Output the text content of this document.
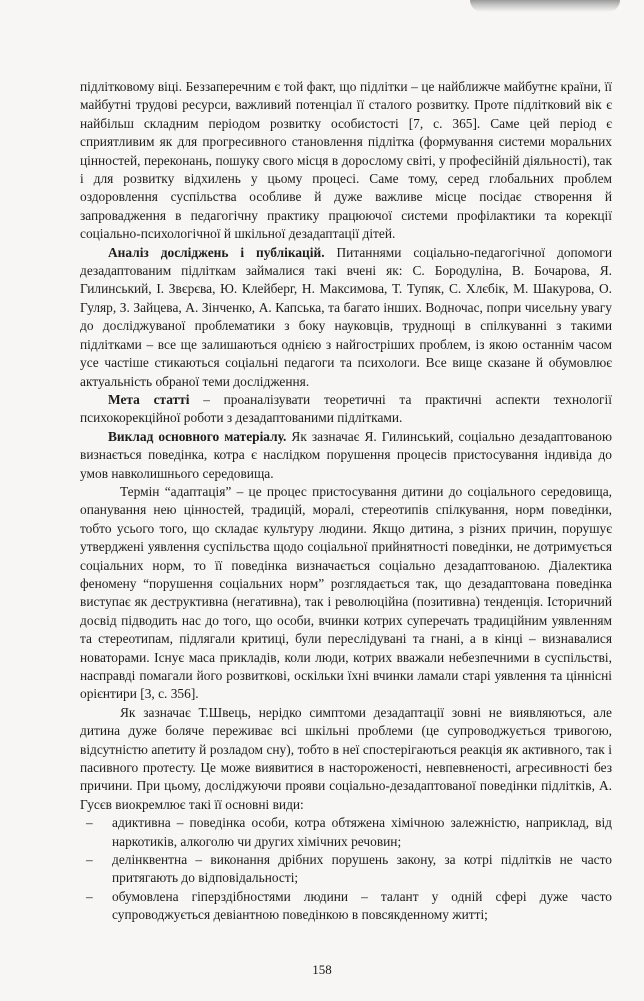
підлітковому віці. Беззаперечним є той факт, що підлітки – це найближче майбутнє країни, її майбутні трудові ресурси, важливий потенціал її сталого розвитку. Проте підлітковий вік є найбільш складним періодом розвитку особистості [7, с. 365]. Саме цей період є сприятливим як для прогресивного становлення підлітка (формування системи моральних цінностей, переконань, пошуку свого місця в дорослому світі, у професійній діяльності), так і для розвитку відхилень у цьому процесі. Саме тому, серед глобальних проблем оздоровлення суспільства особливе й дуже важливе місце посідає створення й запровадження в педагогічну практику працюючої системи профілактики та корекції соціально-психологічної й шкільної дезадаптації дітей.

Аналіз досліджень і публікацій. Питаннями соціально-педагогічної допомоги дезадаптованим підліткам займалися такі вчені як: С. Бородуліна, В. Бочарова, Я. Гилинський, І. Звєрєва, Ю. Клейберг, Н. Максимова, Т. Тупяк, С. Хлєбік, М. Шакурова, О. Гуляр, З. Зайцева, А. Зінченко, А. Капська, та багато інших. Водночас, попри чисельну увагу до досліджуваної проблематики з боку науковців, труднощі в спілкуванні з такими підлітками – все ще залишаються однією з найгостріших проблем, із якою останнім часом усе частіше стикаються соціальні педагоги та психологи. Все вище сказане й обумовлює актуальність обраної теми дослідження.

Мета статті – проаналізувати теоретичні та практичні аспекти технології психокорекційної роботи з дезадаптованими підлітками.

Виклад основного матеріалу. Як зазначає Я. Гилинський, соціально дезадаптованою визнається поведінка, котра є наслідком порушення процесів пристосування індивіда до умов навколишнього середовища.

Термін “адаптація” – це процес пристосування дитини до соціального середовища, опанування нею цінностей, традицій, моралі, стереотипів спілкування, норм поведінки, тобто усього того, що складає культуру людини. Якщо дитина, з різних причин, порушує утверджені уявлення суспільства щодо соціальної прийнятності поведінки, не дотримується соціальних норм, то її поведінка визначається соціально дезадаптованою. Діалектика феномену “порушення соціальних норм” розглядається так, що дезадаптована поведінка виступає як деструктивна (негативна), так і революційна (позитивна) тенденція. Історичний досвід підводить нас до того, що особи, вчинки котрих суперечать традиційним уявленням та стереотипам, підлягали критиці, були переслідувані та гнані, а в кінці – визнавалися новаторами. Існує маса прикладів, коли люди, котрих вважали небезпечними в суспільстві, насправді помагали його розвиткові, оскільки їхні вчинки ламали старі уявлення та ціннісні орієнтири [3, с. 356].

Як зазначає Т.Швець, нерідко симптоми дезадаптації зовні не виявляються, але дитина дуже боляче переживає всі шкільні проблеми (це супроводжується тривогою, відсутністю апетиту й розладом сну), тобто в неї спостерігаються реакція як активного, так і пасивного протесту. Це може виявитися в настороженості, невпевненості, агресивності без причини. При цьому, досліджуючи прояви соціально-дезадаптованої поведінки підлітків, А. Гусєв виокремлює такі її основні види:

– адиктивна – поведінка особи, котра обтяжена хімічною залежністю, наприклад, від наркотиків, алкоголю чи других хімічних речовин;
– делінквентна – виконання дрібних порушень закону, за котрі підлітків не часто притягають до відповідальності;
– обумовлена гіперздібностями людини – талант у одній сфері дуже часто супроводжується девіантною поведінкою в повсякденному житті;
158
